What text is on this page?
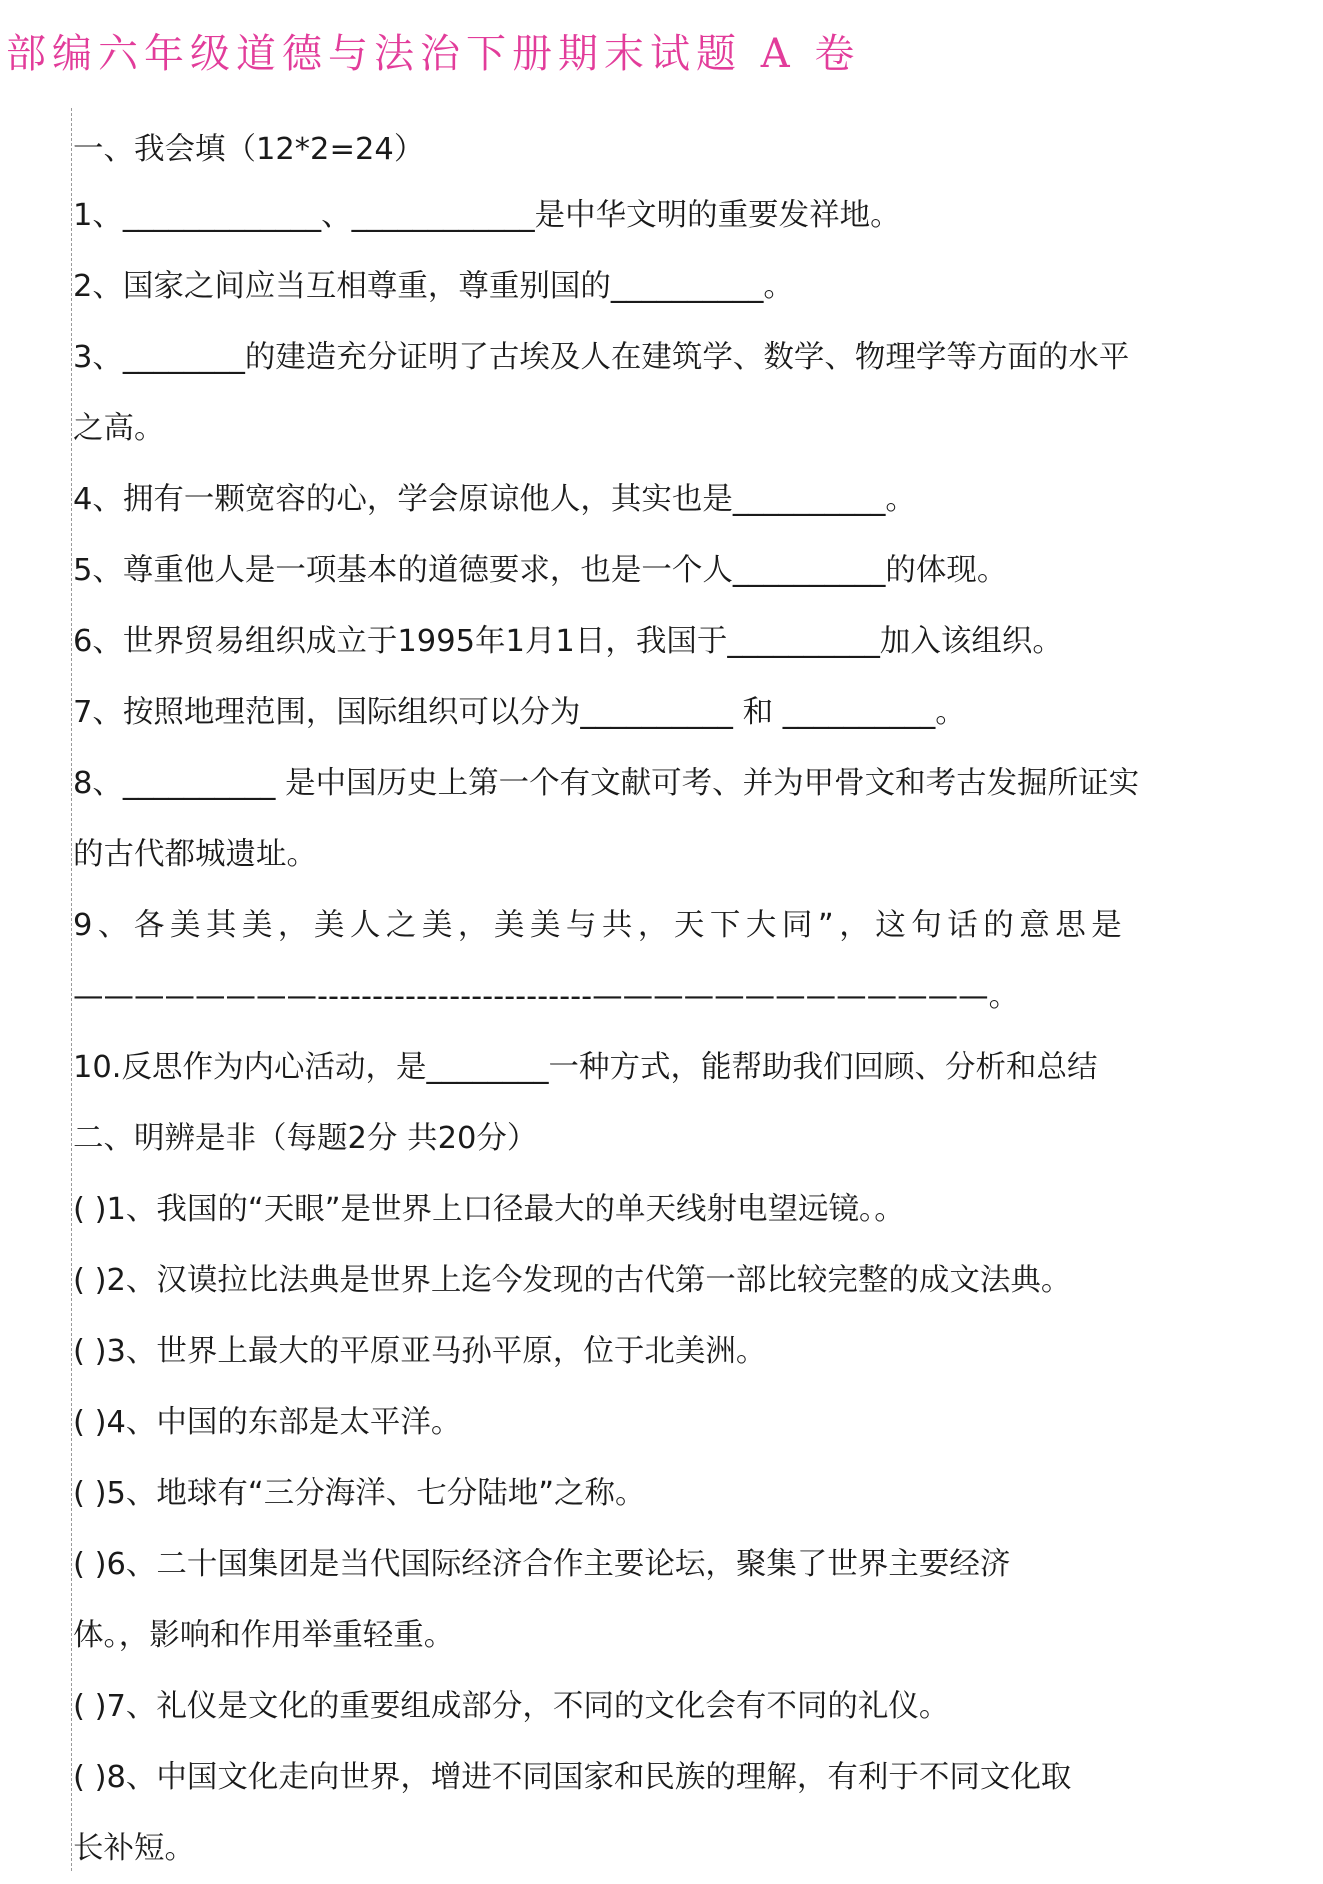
部编六年级道德与法治下册期末试题 A 卷
一、我会填（12*2=24）
1、_____________、____________是中华文明的重要发祥地。
2、国家之间应当互相尊重，尊重别国的__________。
3、________的建造充分证明了古埃及人在建筑学、数学、物理学等方面的水平
之高。
4、拥有一颗宽容的心，学会原谅他人，其实也是__________。
5、尊重他人是一项基本的道德要求，也是一个人__________的体现。
6、世界贸易组织成立于1995年1月1日，我国于__________加入该组织。
7、按照地理范围，国际组织可以分为__________ 和 __________。
8、__________ 是中国历史上第一个有文献可考、并为甲骨文和考古发掘所证实
的古代都城遗址。
9、各美其美，美人之美，美美与共，天下大同”，这句话的意思是
————————-------------------------—————————————。
10.反思作为内心活动，是________一种方式，能帮助我们回顾、分析和总结
二、明辨是非（每题2分 共20分）
( )1、我国的“天眼”是世界上口径最大的单天线射电望远镜。。
( )2、汉谟拉比法典是世界上迄今发现的古代第一部比较完整的成文法典。
( )3、世界上最大的平原亚马孙平原，位于北美洲。
( )4、中国的东部是太平洋。
( )5、地球有“三分海洋、七分陆地”之称。
( )6、二十国集团是当代国际经济合作主要论坛，聚集了世界主要经济
体。，影响和作用举重轻重。
( )7、礼仪是文化的重要组成部分，不同的文化会有不同的礼仪。
( )8、中国文化走向世界，增进不同国家和民族的理解，有利于不同文化取
长补短。
